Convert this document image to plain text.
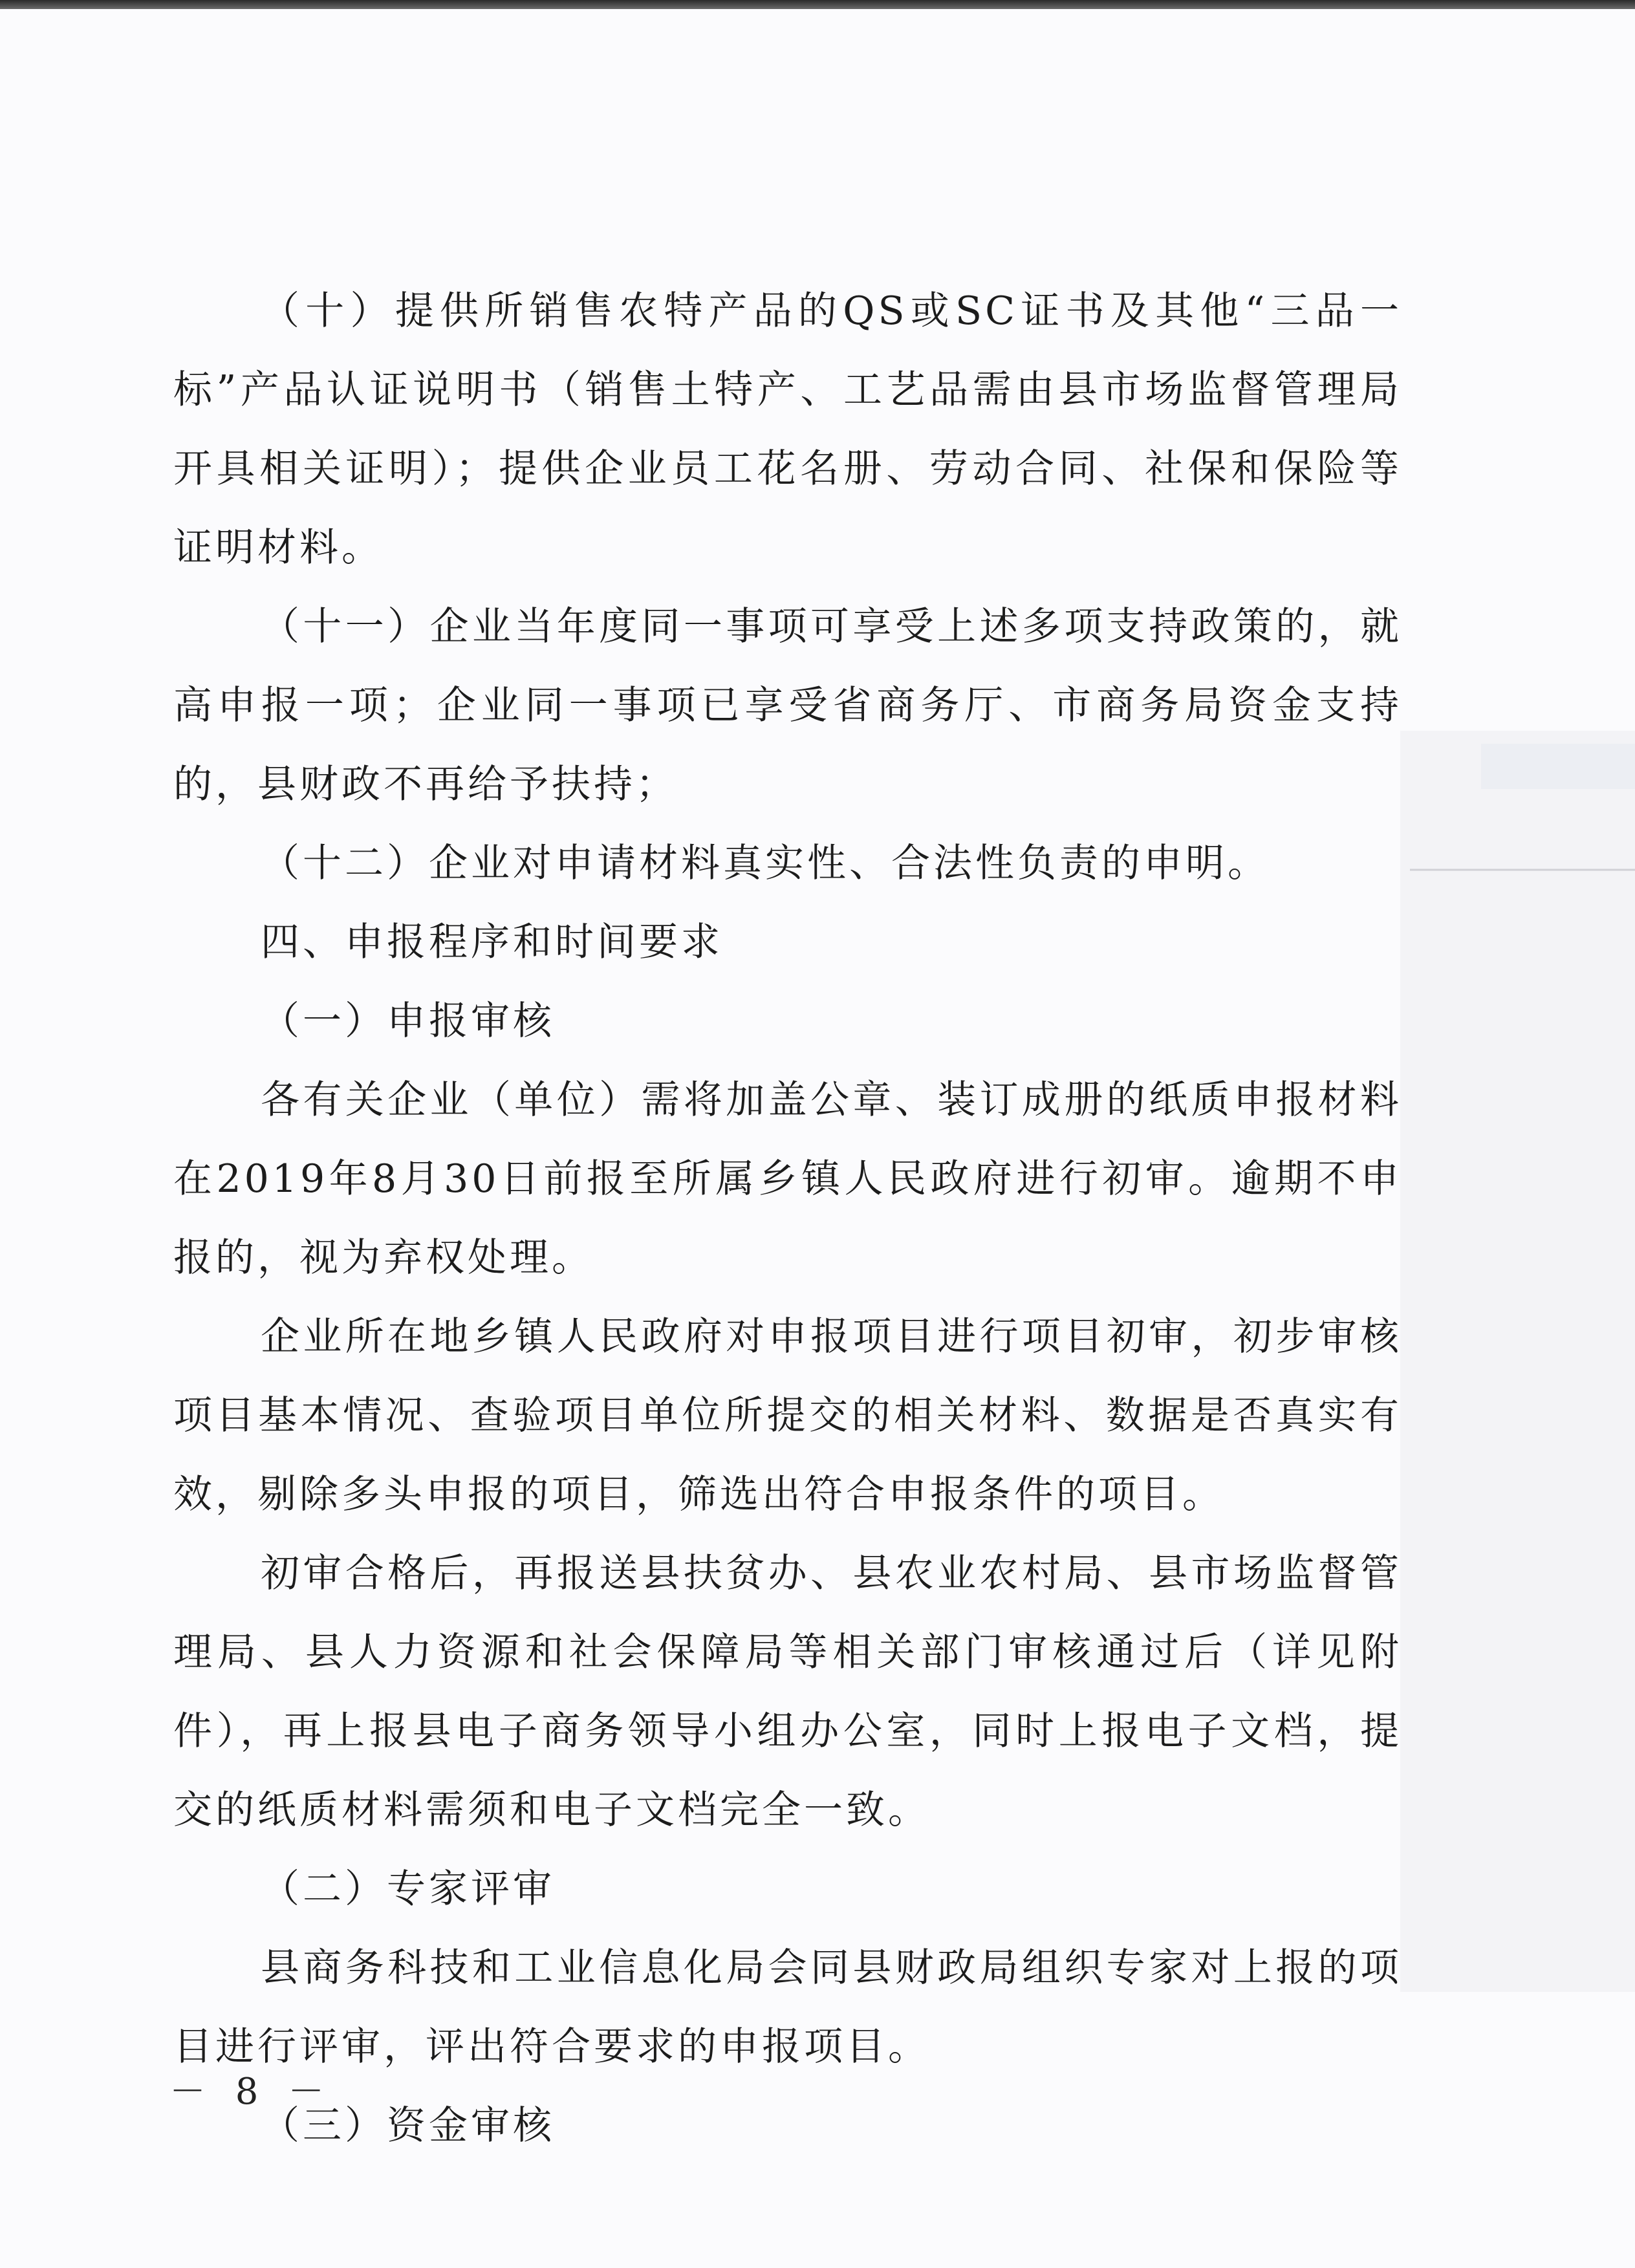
（十）提供所销售农特产品的QS或SC证书及其他“三品一标”产品认证说明书（销售土特产、工艺品需由县市场监督管理局开具相关证明）；提供企业员工花名册、劳动合同、社保和保险等证明材料。

（十一）企业当年度同一事项可享受上述多项支持政策的，就高申报一项；企业同一事项已享受省商务厅、市商务局资金支持的，县财政不再给予扶持；

（十二）企业对申请材料真实性、合法性负责的申明。

四、申报程序和时间要求

（一）申报审核

各有关企业（单位）需将加盖公章、装订成册的纸质申报材料在2019年8月30日前报至所属乡镇人民政府进行初审。逾期不申报的，视为弃权处理。

企业所在地乡镇人民政府对申报项目进行项目初审，初步审核项目基本情况、查验项目单位所提交的相关材料、数据是否真实有效，剔除多头申报的项目，筛选出符合申报条件的项目。

初审合格后，再报送县扶贫办、县农业农村局、县市场监督管理局、县人力资源和社会保障局等相关部门审核通过后（详见附件），再上报县电子商务领导小组办公室，同时上报电子文档，提交的纸质材料需须和电子文档完全一致。

（二）专家评审

县商务科技和工业信息化局会同县财政局组织专家对上报的项目进行评审，评出符合要求的申报项目。

（三）资金审核

－ 8 －
